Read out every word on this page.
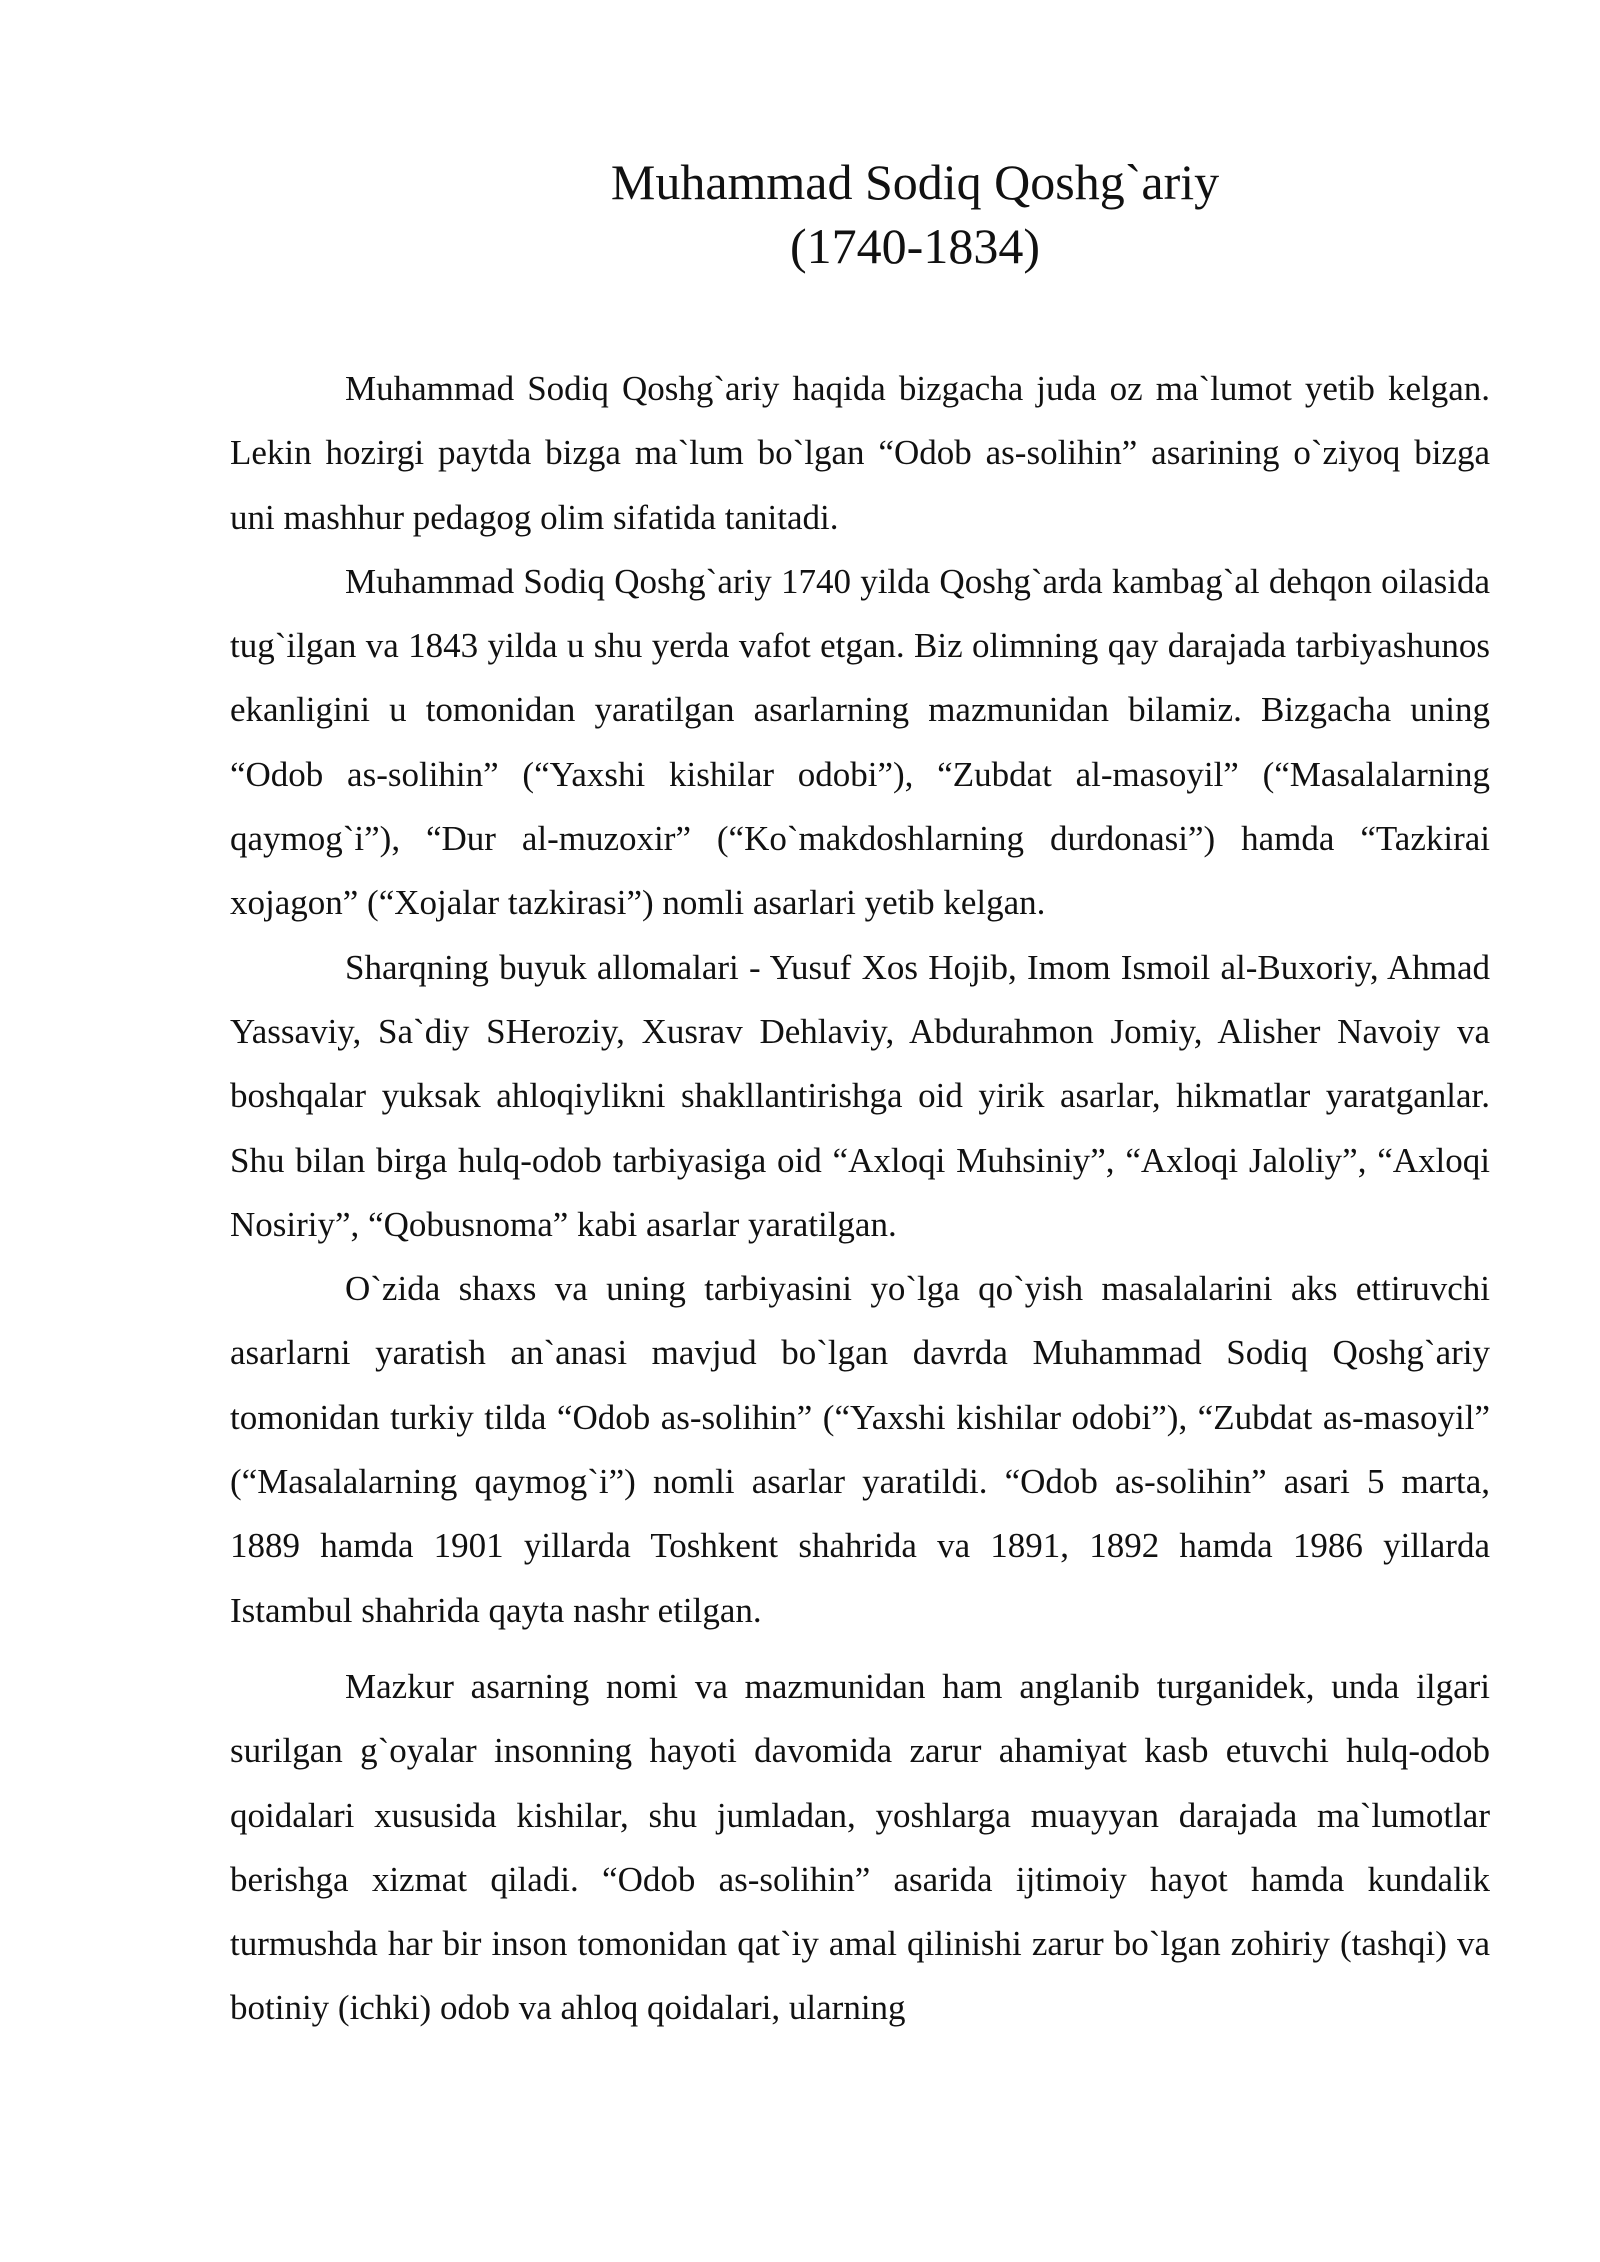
Muhammad Sodiq Qoshg`ariy
(1740-1834)

Muhammad Sodiq Qoshg`ariy haqida bizgacha juda oz ma`lumot yetib kelgan. Lekin hozirgi paytda bizga ma`lum bo`lgan “Odob as-solihin” asarining o`ziyoq bizga uni mashhur pedagog olim sifatida tanitadi.

Muhammad Sodiq Qoshg`ariy 1740 yilda Qoshg`arda kambag`al dehqon oilasida tug`ilgan va 1843 yilda u shu yerda vafot etgan. Biz olimning qay darajada tarbiyashunos ekanligini u tomonidan yaratilgan asarlarning mazmunidan bilamiz. Bizgacha uning “Odob as-solihin” (“Yaxshi kishilar odobi”), “Zubdat al-masoyil” (“Masalalarning qaymog`i”), “Dur al-muzoxir” (“Ko`makdoshlarning durdonasi”) hamda “Tazkirai xojagon” (“Xojalar tazkirasi”) nomli asarlari yetib kelgan.

Sharqning buyuk allomalari - Yusuf Xos Hojib, Imom Ismoil al-Buxoriy, Ahmad Yassaviy, Sa`diy SHeroziy, Xusrav Dehlaviy, Abdurahmon Jomiy, Alisher Navoiy va boshqalar yuksak ahloqiylikni shakllantirishga oid yirik asarlar, hikmatlar yaratganlar. Shu bilan birga hulq-odob tarbiyasiga oid “Axloqi Muhsiniy”, “Axloqi Jaloliy”, “Axloqi Nosiriy”, “Qobusnoma” kabi asarlar yaratilgan.

O`zida shaxs va uning tarbiyasini yo`lga qo`yish masalalarini aks ettiruvchi asarlarni yaratish an`anasi mavjud bo`lgan davrda Muhammad Sodiq Qoshg`ariy tomonidan turkiy tilda “Odob as-solihin” (“Yaxshi kishilar odobi”), “Zubdat as-masoyil” (“Masalalarning qaymog`i”) nomli asarlar yaratildi. “Odob as-solihin” asari 5 marta, 1889 hamda 1901 yillarda Toshkent shahrida va 1891, 1892 hamda 1986 yillarda Istambul shahrida qayta nashr etilgan.

Mazkur asarning nomi va mazmunidan ham anglanib turganidek, unda ilgari surilgan g`oyalar insonning hayoti davomida zarur ahamiyat kasb etuvchi hulq-odob qoidalari xususida kishilar, shu jumladan, yoshlarga muayyan darajada ma`lumotlar berishga xizmat qiladi. “Odob as-solihin” asarida ijtimoiy hayot hamda kundalik turmushda har bir inson tomonidan qat`iy amal qilinishi zarur bo`lgan zohiriy (tashqi) va botiniy (ichki) odob va ahloq qoidalari, ularning
